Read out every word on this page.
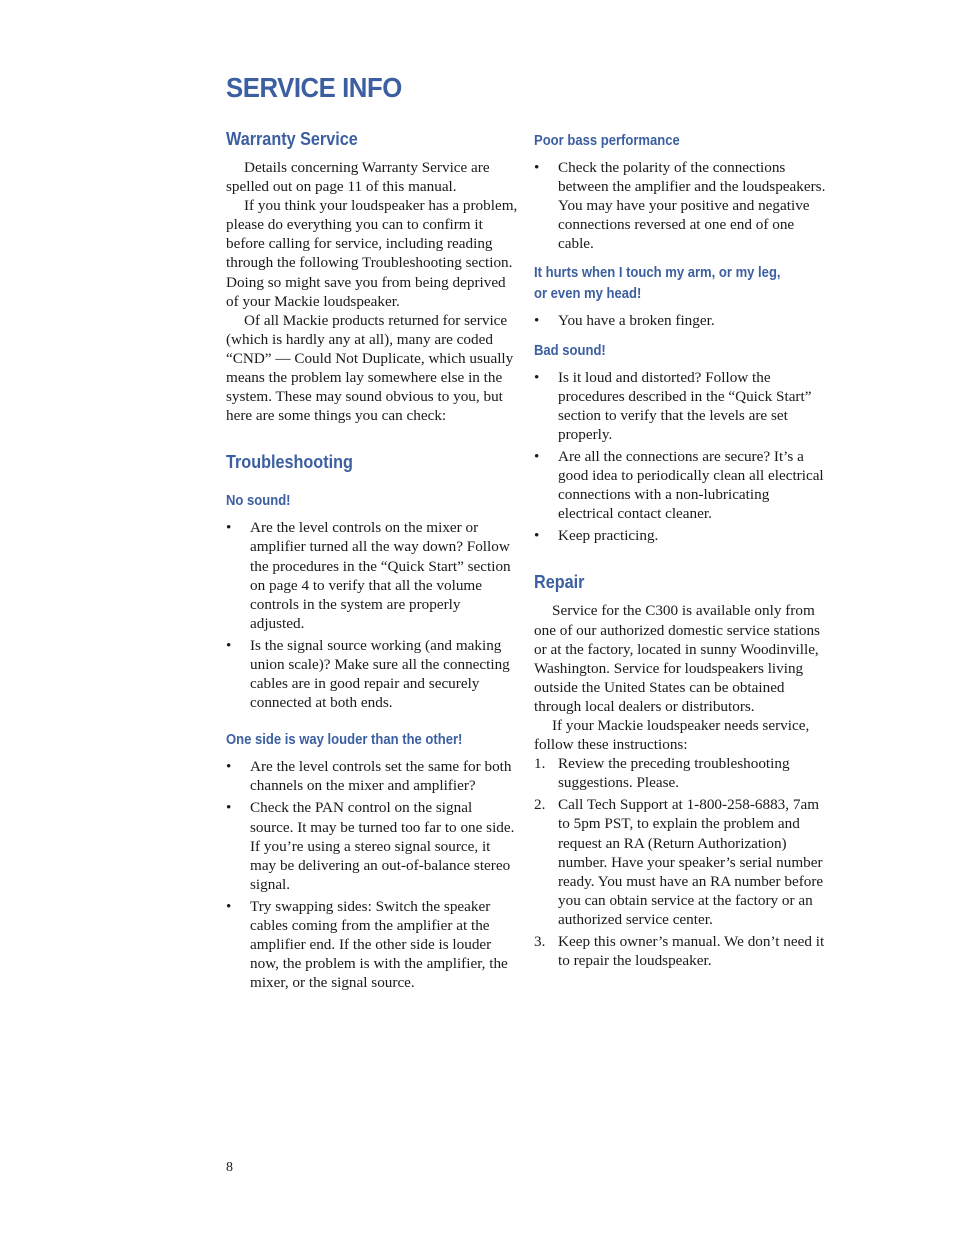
SERVICE INFO
Warranty Service

Details concerning Warranty Service are spelled out on page 11 of this manual.

If you think your loudspeaker has a problem, please do everything you can to confirm it before calling for service, including reading through the following Troubleshooting section. Doing so might save you from being deprived of your Mackie loudspeaker.

Of all Mackie products returned for service (which is hardly any at all), many are coded “CND” — Could Not Duplicate, which usually means the problem lay somewhere else in the system. These may sound obvious to you, but here are some things you can check:

Troubleshooting
No sound!
•	Are the level controls on the mixer or amplifier turned all the way down? Follow the procedures in the “Quick Start” section on page 4 to verify that all the volume controls in the system are properly adjusted.
•	Is the signal source working (and making union scale)? Make sure all the connecting cables are in good repair and securely connected at both ends.
One side is way louder than the other!
•	Are the level controls set the same for both channels on the mixer and amplifier?
•	Check the PAN control on the signal source. It may be turned too far to one side. If you’re using a stereo signal source, it may be delivering an out-of-balance stereo signal.
•	Try swapping sides: Switch the speaker cables coming from the amplifier at the amplifier end. If the other side is louder now, the problem is with the amplifier, the mixer, or the signal source.
Poor bass performance
•	Check the polarity of the connections between the amplifier and the loudspeakers. You may have your positive and negative connections reversed at one end of one cable.
It hurts when I touch my arm, or my leg,
or even my head!
•	You have a broken finger.
Bad sound!
•	Is it loud and distorted? Follow the procedures described in the “Quick Start” section to verify that the levels are set properly.
•	Are all the connections are secure? It’s a good idea to periodically clean all electrical connections with a non-lubricating electrical contact cleaner.
•	Keep practicing.
Repair

Service for the C300 is available only from one of our authorized domestic service stations or at the factory, located in sunny Woodinville, Washington. Service for loudspeakers living outside the United States can be obtained through local dealers or distributors.

If your Mackie loudspeaker needs service, follow these instructions:

1. Review the preceding troubleshooting suggestions. Please.
2. Call Tech Support at 1-800-258-6883, 7am to 5pm PST, to explain the problem and request an RA (Return Authorization) number. Have your speaker’s serial number ready. You must have an RA number before you can obtain service at the factory or an authorized service center.
3. Keep this owner’s manual. We don’t need it to repair the loudspeaker.
8
